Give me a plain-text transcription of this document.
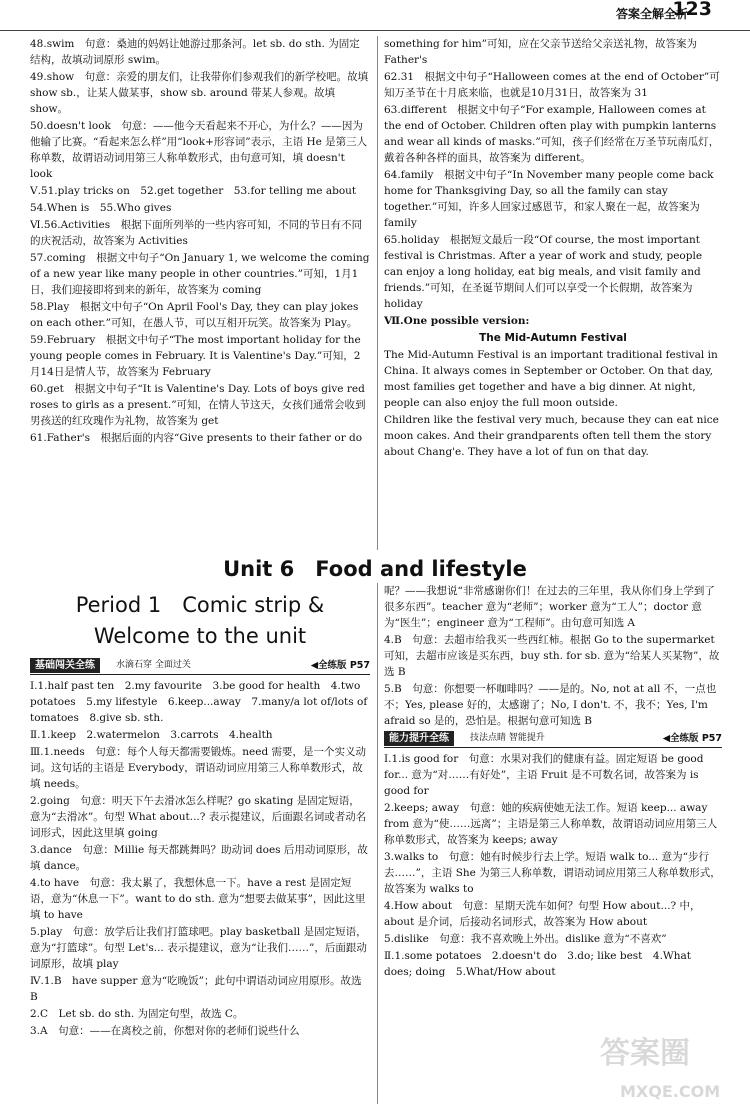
答案全解全析
123

48.swim　句意：桑迪的妈妈让她游过那条河。let sb. do sth. 为固定结构，故填动词原形 swim。

49.show　句意：亲爱的朋友们，让我带你们参观我们的新学校吧。故填 show sb.，让某人做某事，show sb. around 带某人参观。故填 show。

50.doesn't look　句意：——他今天看起来不开心，为什么？——因为他输了比赛。“看起来怎么样”用“look+形容词”表示，主语 He 是第三人称单数，故谓语动词用第三人称单数形式，由句意可知，填 doesn't look

Ⅴ.51.play tricks on　52.get together　53.for telling me about

54.When is　55.Who gives

Ⅵ.56.Activities　根据下面所列举的一些内容可知，不同的节日有不同的庆祝活动，故答案为 Activities

57.coming　根据文中句子“On January 1, we welcome the coming of a new year like many people in other countries.”可知，1月1日，我们迎接即将到来的新年，故答案为 coming

58.Play　根据文中句子“On April Fool's Day, they can play jokes on each other.”可知，在愚人节，可以互相开玩笑。故答案为 Play。

59.February　根据文中句子“The most important holiday for the young people comes in February. It is Valentine's Day.”可知，2月14日是情人节，故答案为 February

60.get　根据文中句子“It is Valentine's Day. Lots of boys give red roses to girls as a present.”可知，在情人节这天，女孩们通常会收到男孩送的红玫瑰作为礼物，故答案为 get

61.Father's　根据后面的内容“Give presents to their father or do

something for him”可知，应在父亲节送给父亲送礼物，故答案为 Father's

62.31　根据文中句子“Halloween comes at the end of October”可知万圣节在十月底来临，也就是10月31日，故答案为 31

63.different　根据文中句子“For example, Halloween comes at the end of October. Children often play with pumpkin lanterns and wear all kinds of masks.”可知，孩子们经常在万圣节玩南瓜灯，戴着各种各样的面具，故答案为 different。

64.family　根据文中句子“In November many people come back home for Thanksgiving Day, so all the family can stay together.”可知，许多人回家过感恩节，和家人聚在一起，故答案为 family

65.holiday　根据短文最后一段“Of course, the most important festival is Christmas. After a year of work and study, people can enjoy a long holiday, eat big meals, and visit family and friends.”可知，在圣诞节期间人们可以享受一个长假期，故答案为 holiday

Ⅶ.One possible version:

The Mid-Autumn Festival

The Mid-Autumn Festival is an important traditional festival in China. It always comes in September or October. On that day, most families get together and have a big dinner. At night, people can also enjoy the full moon outside.

Children like the festival very much, because they can eat nice moon cakes. And their grandparents often tell them the story about Chang'e. They have a lot of fun on that day.

Unit 6　Food and lifestyle
Period 1　Comic strip &
Welcome to the unit
基础闯关全练	水滴石穿 全面过关	◀全练版 P57

Ⅰ.1.half past ten　2.my favourite　3.be good for health　4.two potatoes　5.my lifestyle　6.keep...away　7.many/a lot of/lots of tomatoes　8.give sb. sth.

Ⅱ.1.keep　2.watermelon　3.carrots　4.health

Ⅲ.1.needs　句意：每个人每天都需要锻炼。need 需要，是一个实义动词。这句话的主语是 Everybody，谓语动词应用第三人称单数形式，故填 needs。

2.going　句意：明天下午去滑冰怎么样呢？go skating 是固定短语，意为“去滑冰”。句型 What about...? 表示提建议，后面跟名词或者动名词形式，因此这里填 going

3.dance　句意：Millie 每天都跳舞吗？助动词 does 后用动词原形，故填 dance。

4.to have　句意：我太累了，我想休息一下。have a rest 是固定短语，意为“休息一下”。want to do sth. 意为“想要去做某事”，因此这里填 to have

5.play　句意：放学后让我们打篮球吧。play basketball 是固定短语，意为“打篮球”。句型 Let's... 表示提建议，意为“让我们……”，后面跟动词原形，故填 play

Ⅳ.1.B　have supper 意为“吃晚饭”；此句中谓语动词应用原形。故选 B

2.C　Let sb. do sth. 为固定句型，故选 C。

3.A　句意：——在离校之前，你想对你的老师们说些什么

呢？——我想说“非常感谢你们！在过去的三年里，我从你们身上学到了很多东西”。teacher 意为“老师”；worker 意为“工人”；doctor 意为“医生”；engineer 意为“工程师”。由句意可知选 A

4.B　句意：去超市给我买一些西红柿。根据 Go to the supermarket 可知，去超市应该是买东西，buy sth. for sb. 意为“给某人买某物”，故选 B

5.B　句意：你想要一杯咖啡吗？——是的。No, not at all 不，一点也不；Yes, please 好的，太感谢了；No, I don't. 不，我不；Yes, I'm afraid so 是的，恐怕是。根据句意可知选 B

能力提升全练	技法点睛 智能提升	◀全练版 P57

Ⅰ.1.is good for　句意：水果对我们的健康有益。固定短语 be good for... 意为“对……有好处”，主语 Fruit 是不可数名词，故答案为 is good for

2.keeps; away　句意：她的疾病使她无法工作。短语 keep... away from 意为“使……远离”；主语是第三人称单数，故谓语动词应用第三人称单数形式，故答案为 keeps; away

3.walks to　句意：她有时候步行去上学。短语 walk to... 意为“步行去……”，主语 She 为第三人称单数，谓语动词应用第三人称单数形式，故答案为 walks to

4.How about　句意：星期天洗车如何？句型 How about...? 中，about 是介词，后接动名词形式，故答案为 How about

5.dislike　句意：我不喜欢晚上外出。dislike 意为“不喜欢”

Ⅱ.1.some potatoes　2.doesn't do　3.do; like best　4.What does; doing　5.What/How about

答案圈
MXQE.COM
